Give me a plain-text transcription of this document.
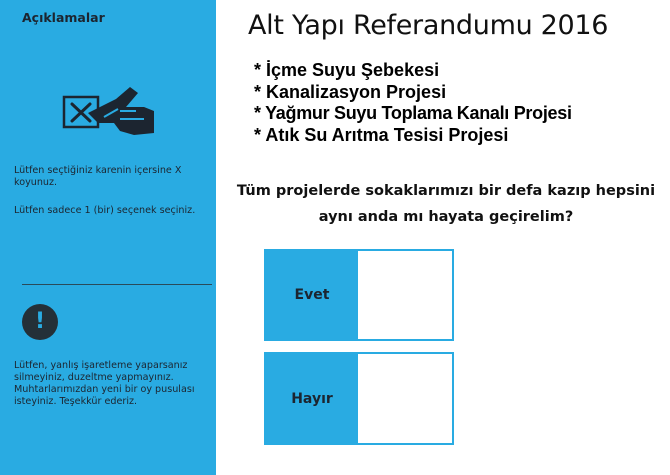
Açıklamalar

Lütfen seçtiğiniz karenin içersine X koyunuz.

Lütfen sadece 1 (bir) seçenek seçiniz.

!

Lütfen, yanlış işaretleme yaparsanız silmeyiniz, duzeltme yapmayınız. Muhtarlarımızdan yeni bir oy pusulası isteyiniz. Teşekkür ederiz.

Alt Yapı Referandumu 2016
* İçme Suyu Şebekesi
* Kanalizasyon Projesi
* Yağmur Suyu Toplama Kanalı Projesi
* Atık Su Arıtma Tesisi Projesi

Tüm projelerde sokaklarımızı bir defa kazıp hepsini aynı anda mı hayata geçirelim?

Evet
Hayır
